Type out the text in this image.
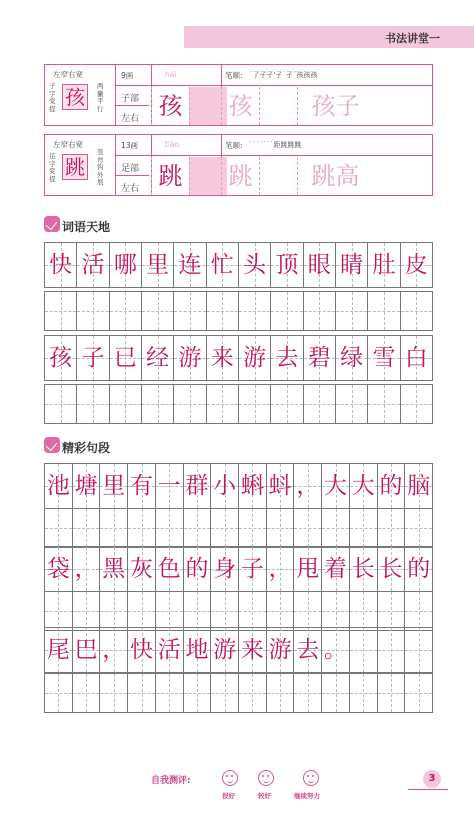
书法讲堂一
左窄右宽
子字变提 孩	两撇平行
9画	hái	笔顺: ˙了孑孑'孑˙孑ˊ孩孩孩
子部
左右 孩	孩	孩子
左窄右宽
足字变提 跳
竖弯钩外展
13画	tiào	笔顺: ˙˙˙˙˙˙˙距跳跳跳
足部
左右 跳	跳	跳高
词语天地
快 活 哪 里 连 忙 头 顶 眼 睛 肚 皮
孩 子 已 经 游 来 游 去 碧 绿 雪 白
精彩句段
池 塘 里 有 一 群 小 蝌 蚪 ， 大 大 的 脑
袋 ， 黑 灰 色 的 身 子 ， 甩 着 长 长 的
尾 巴 ， 快 活 地 游 来 游 去 。
自我测评:
很好	较好	继续努力
3
